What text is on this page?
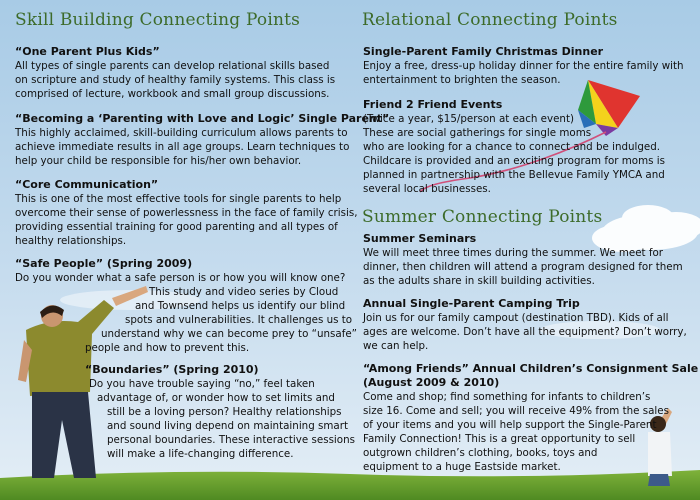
Skill Building Connecting Points
“One Parent Plus Kids”

All types of single parents can develop relational skills based
on scripture and study of healthy family systems. This class is
comprised of lecture, workbook and small group discussions.

“Becoming a ‘Parenting with Love and Logic’ Single Parent”

This highly acclaimed, skill-building curriculum allows parents to
achieve immediate results in all age groups. Learn techniques to
help your child be responsible for his/her own behavior.

“Core Communication”

This is one of the most effective tools for single parents to help
overcome their sense of powerlessness in the face of family crisis,
providing essential training for good parenting and all types of
healthy relationships.

“Safe People” (Spring 2009)

Do you wonder what a safe person is or how you will know one?
This study and video series by Cloud
and Townsend helps us identify our blind
spots and vulnerabilities. It challenges us to
understand why we can become prey to “unsafe”
people and how to prevent this.

“Boundaries” (Spring 2010)

Do you have trouble saying “no,” feel taken
advantage of, or wonder how to set limits and
still be a loving person? Healthy relationships
and sound living depend on maintaining smart
personal boundaries. These interactive sessions
will make a life-changing difference.

Relational Connecting Points
Single-Parent Family Christmas Dinner

Enjoy a free, dress-up holiday dinner for the entire family with
entertainment to brighten the season.

Friend 2 Friend Events

(Twice a year, $15/person at each event)
These are social gatherings for single moms
who are looking for a chance to connect and be indulged.
Childcare is provided and an exciting program for moms is
planned in partnership with the Bellevue Family YMCA and
several local businesses.

Summer Connecting Points
Summer Seminars

We will meet three times during the summer. We meet for
dinner, then children will attend a program designed for them
as the adults share in skill building activities.

Annual Single-Parent Camping Trip

Join us for our family campout (destination TBD). Kids of all
ages are welcome. Don’t have all the equipment? Don’t worry,
we can help.

“Among Friends” Annual Children’s Consignment Sale
(August 2009 & 2010)

Come and shop; find something for infants to children’s
size 16. Come and sell; you will receive 49% from the sales
of your items and you will help support the Single-Parent
Family Connection! This is a great opportunity to sell
outgrown children’s clothing, books, toys and
equipment to a huge Eastside market.
